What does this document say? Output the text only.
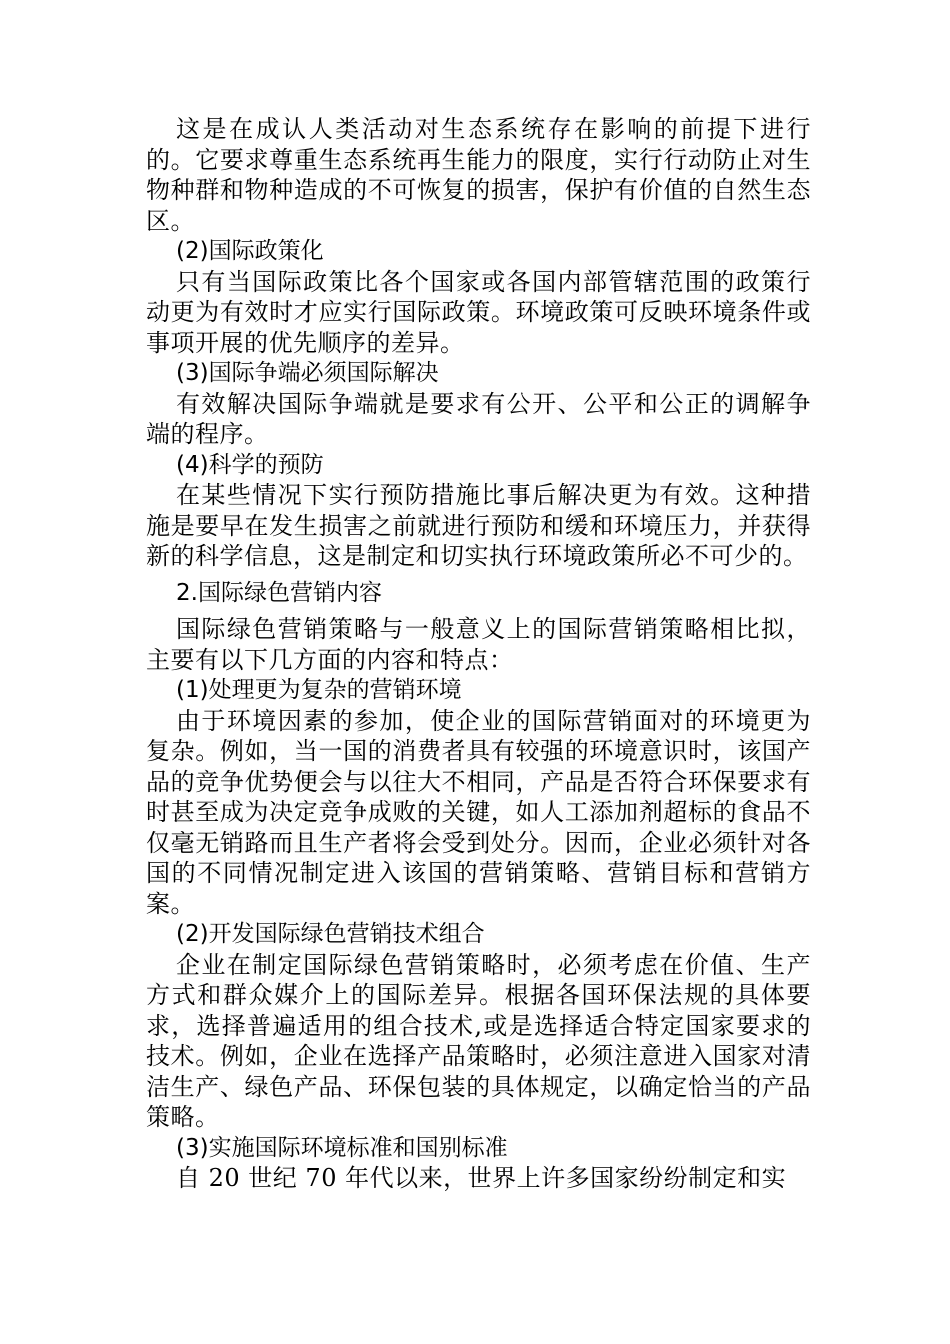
这是在成认人类活动对生态系统存在影响的前提下进行的。它要求尊重生态系统再生能力的限度，实行行动防止对生物种群和物种造成的不可恢复的损害，保护有价值的自然生态区。

(2)国际政策化

只有当国际政策比各个国家或各国内部管辖范围的政策行动更为有效时才应实行国际政策。环境政策可反映环境条件或事项开展的优先顺序的差异。

(3)国际争端必须国际解决

有效解决国际争端就是要求有公开、公平和公正的调解争端的程序。

(4)科学的预防

在某些情况下实行预防措施比事后解决更为有效。这种措施是要早在发生损害之前就进行预防和缓和环境压力，并获得新的科学信息，这是制定和切实执行环境政策所必不可少的。

2.国际绿色营销内容

国际绿色营销策略与一般意义上的国际营销策略相比拟，主要有以下几方面的内容和特点：

(1)处理更为复杂的营销环境

由于环境因素的参加，使企业的国际营销面对的环境更为复杂。例如，当一国的消费者具有较强的环境意识时，该国产品的竞争优势便会与以往大不相同，产品是否符合环保要求有时甚至成为决定竞争成败的关键，如人工添加剂超标的食品不仅毫无销路而且生产者将会受到处分。因而，企业必须针对各国的不同情况制定进入该国的营销策略、营销目标和营销方案。

(2)开发国际绿色营销技术组合

企业在制定国际绿色营销策略时，必须考虑在价值、生产方式和群众媒介上的国际差异。根据各国环保法规的具体要求，选择普遍适用的组合技术,或是选择适合特定国家要求的技术。例如，企业在选择产品策略时，必须注意进入国家对清洁生产、绿色产品、环保包装的具体规定，以确定恰当的产品策略。

(3)实施国际环境标准和国别标准

自 20 世纪 70 年代以来，世界上许多国家纷纷制定和实
